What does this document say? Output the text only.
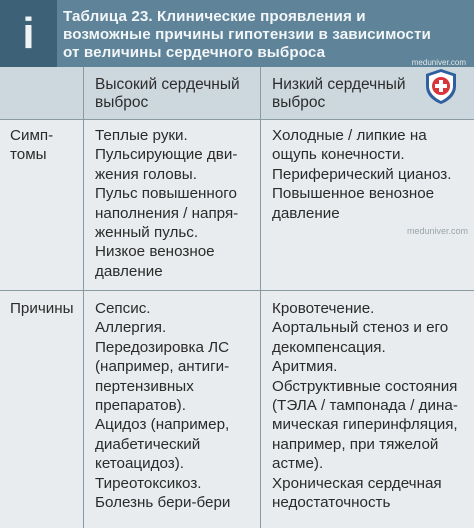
i Таблица 23. Клинические проявления и возможные причины гипотензии в зависимости от величины сердечного выброса

meduniver.com
Высокий сердечный
выброс
Низкий сердечный
выброс
Симп-
томы
Теплые руки.
Пульсирующие дви-
жения головы.
Пульс повышенного
наполнения / напря-
женный пульс.
Низкое венозное
давление
Холодные / липкие на
ощупь конечности.
Периферический цианоз.
Повышенное венозное
давление
Причины	Сепсис.
Аллергия.
Передозировка ЛС
(например, антиги-
пертензивных
препаратов).
Ацидоз (например,
диабетический
кетоацидоз).
Тиреотоксикоз.
Болезнь бери-бери
Кровотечение.
Аортальный стеноз и его
декомпенсация.
Аритмия.
Обструктивные состояния
(ТЭЛА / тампонада / дина-
мическая гиперинфляция,
например, при тяжелой
астме).
Хроническая сердечная
недостаточность
meduniver.com
